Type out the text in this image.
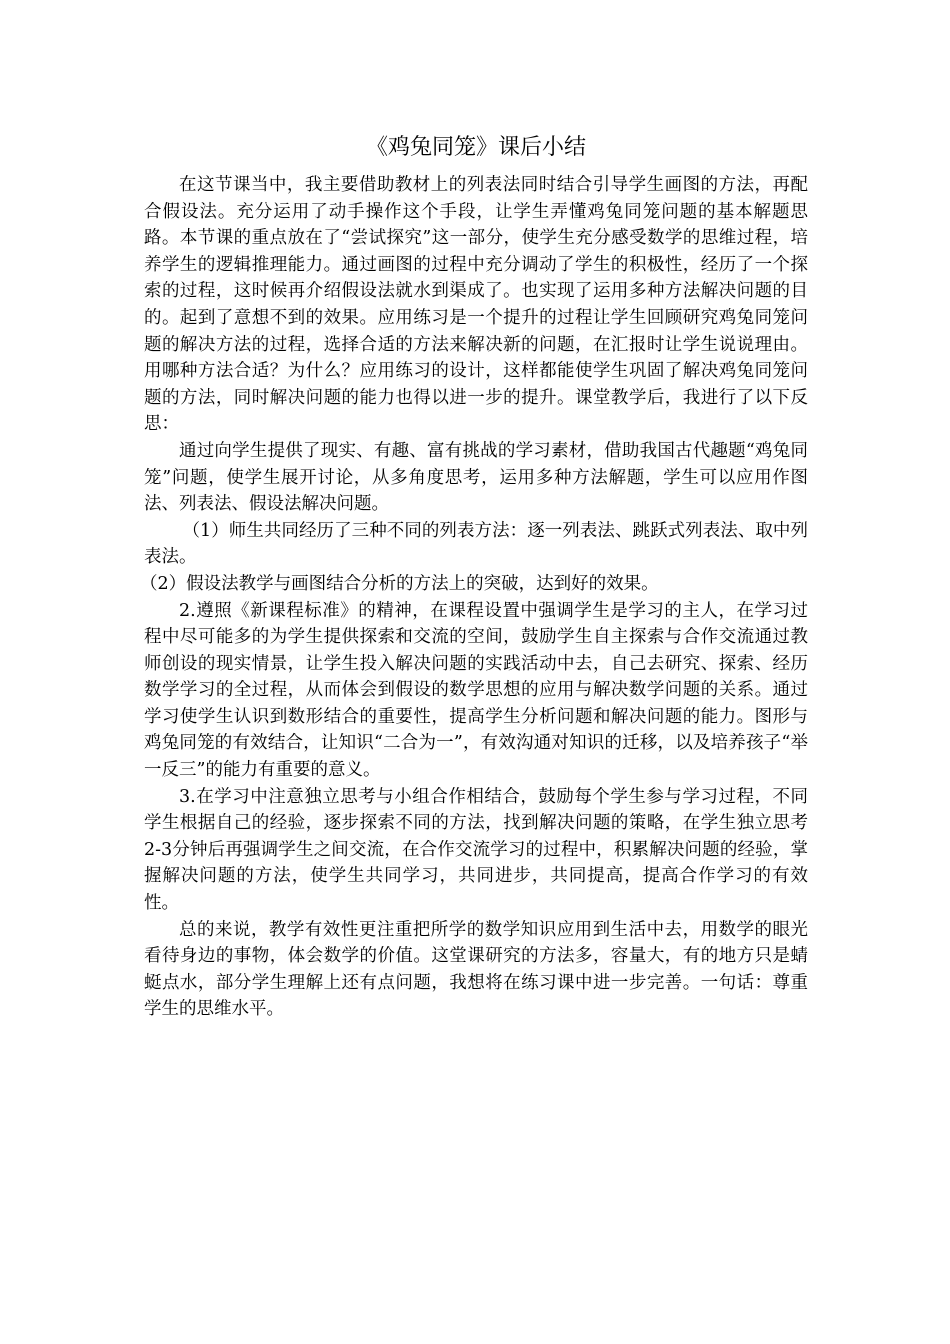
《鸡兔同笼》课后小结

在这节课当中，我主要借助教材上的列表法同时结合引导学生画图的方法，再配合假设法。充分运用了动手操作这个手段，让学生弄懂鸡兔同笼问题的基本解题思路。本节课的重点放在了“尝试探究”这一部分，使学生充分感受数学的思维过程，培养学生的逻辑推理能力。通过画图的过程中充分调动了学生的积极性，经历了一个探索的过程，这时候再介绍假设法就水到渠成了。也实现了运用多种方法解决问题的目的。起到了意想不到的效果。应用练习是一个提升的过程让学生回顾研究鸡兔同笼问题的解决方法的过程，选择合适的方法来解决新的问题，在汇报时让学生说说理由。用哪种方法合适？为什么？应用练习的设计，这样都能使学生巩固了解决鸡兔同笼问题的方法，同时解决问题的能力也得以进一步的提升。课堂教学后，我进行了以下反思：

通过向学生提供了现实、有趣、富有挑战的学习素材，借助我国古代趣题“鸡兔同笼”问题，使学生展开讨论，从多角度思考，运用多种方法解题，学生可以应用作图法、列表法、假设法解决问题。

（1）师生共同经历了三种不同的列表方法：逐一列表法、跳跃式列表法、取中列表法。

（2）假设法教学与画图结合分析的方法上的突破，达到好的效果。

2.遵照《新课程标准》的精神，在课程设置中强调学生是学习的主人，在学习过程中尽可能多的为学生提供探索和交流的空间，鼓励学生自主探索与合作交流通过教师创设的现实情景，让学生投入解决问题的实践活动中去，自己去研究、探索、经历数学学习的全过程，从而体会到假设的数学思想的应用与解决数学问题的关系。通过学习使学生认识到数形结合的重要性，提高学生分析问题和解决问题的能力。图形与鸡兔同笼的有效结合，让知识“二合为一”，有效沟通对知识的迁移，以及培养孩子“举一反三”的能力有重要的意义。

3.在学习中注意独立思考与小组合作相结合，鼓励每个学生参与学习过程，不同学生根据自己的经验，逐步探索不同的方法，找到解决问题的策略，在学生独立思考2-3分钟后再强调学生之间交流，在合作交流学习的过程中，积累解决问题的经验，掌握解决问题的方法，使学生共同学习，共同进步，共同提高，提高合作学习的有效性。

总的来说，教学有效性更注重把所学的数学知识应用到生活中去，用数学的眼光看待身边的事物，体会数学的价值。这堂课研究的方法多，容量大，有的地方只是蜻蜓点水，部分学生理解上还有点问题，我想将在练习课中进一步完善。一句话：尊重学生的思维水平。
